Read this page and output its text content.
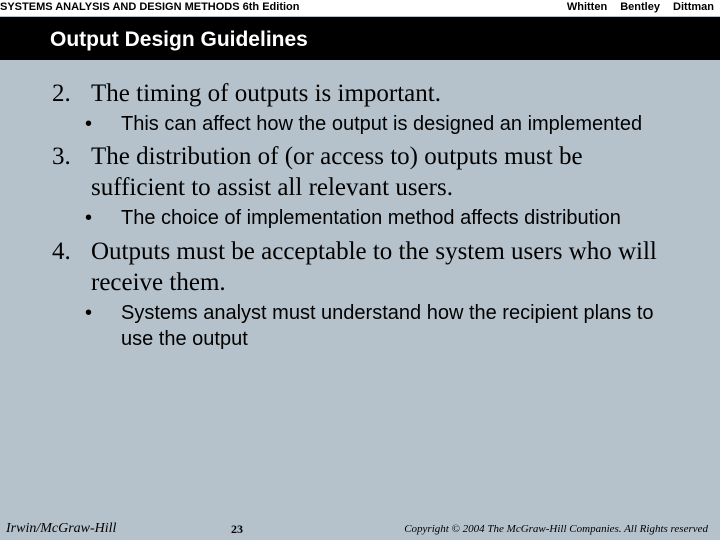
SYSTEMS ANALYSIS AND DESIGN METHODS 6th Edition	Whitten Bentley Dittman
Output Design Guidelines
2. The timing of outputs is important.
• This can affect how the output is designed an implemented
3. The distribution of (or access to) outputs must be sufficient to assist all relevant users.
• The choice of implementation method affects distribution
4. Outputs must be acceptable to the system users who will receive them.
• Systems analyst must understand how the recipient plans to use the output
Irwin/McGraw-Hill	23	Copyright © 2004 The McGraw-Hill Companies. All Rights reserved
